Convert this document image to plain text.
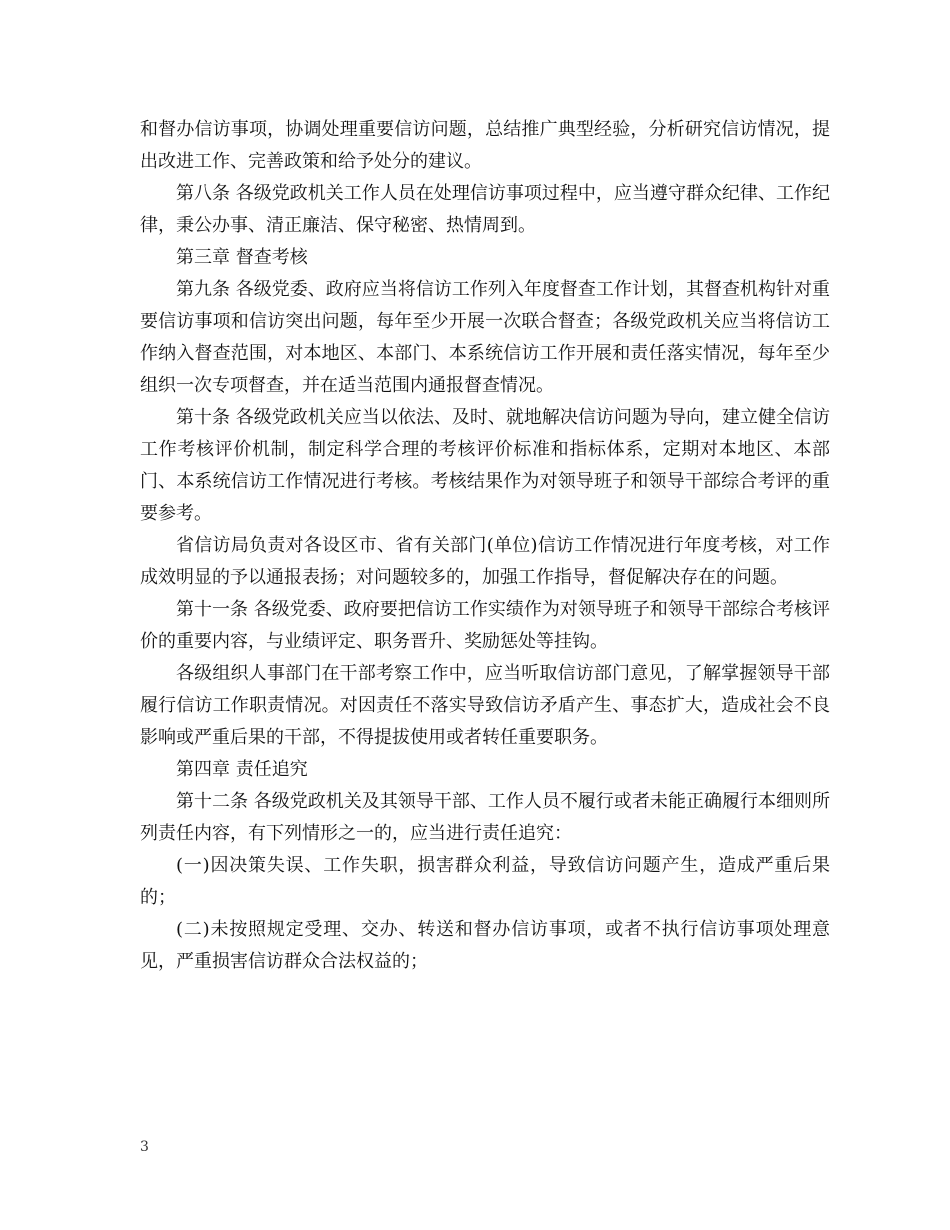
和督办信访事项，协调处理重要信访问题，总结推广典型经验，分析研究信访情况，提出改进工作、完善政策和给予处分的建议。

第八条 各级党政机关工作人员在处理信访事项过程中，应当遵守群众纪律、工作纪律，秉公办事、清正廉洁、保守秘密、热情周到。

第三章 督查考核

第九条 各级党委、政府应当将信访工作列入年度督查工作计划，其督查机构针对重要信访事项和信访突出问题，每年至少开展一次联合督查；各级党政机关应当将信访工作纳入督查范围，对本地区、本部门、本系统信访工作开展和责任落实情况，每年至少组织一次专项督查，并在适当范围内通报督查情况。

第十条 各级党政机关应当以依法、及时、就地解决信访问题为导向，建立健全信访工作考核评价机制，制定科学合理的考核评价标准和指标体系，定期对本地区、本部门、本系统信访工作情况进行考核。考核结果作为对领导班子和领导干部综合考评的重要参考。

省信访局负责对各设区市、省有关部门(单位)信访工作情况进行年度考核，对工作成效明显的予以通报表扬；对问题较多的，加强工作指导，督促解决存在的问题。

第十一条 各级党委、政府要把信访工作实绩作为对领导班子和领导干部综合考核评价的重要内容，与业绩评定、职务晋升、奖励惩处等挂钩。

各级组织人事部门在干部考察工作中，应当听取信访部门意见，了解掌握领导干部履行信访工作职责情况。对因责任不落实导致信访矛盾产生、事态扩大，造成社会不良影响或严重后果的干部，不得提拔使用或者转任重要职务。

第四章 责任追究

第十二条 各级党政机关及其领导干部、工作人员不履行或者未能正确履行本细则所列责任内容，有下列情形之一的，应当进行责任追究：

(一)因决策失误、工作失职，损害群众利益，导致信访问题产生，造成严重后果的；

(二)未按照规定受理、交办、转送和督办信访事项，或者不执行信访事项处理意见，严重损害信访群众合法权益的；

3
